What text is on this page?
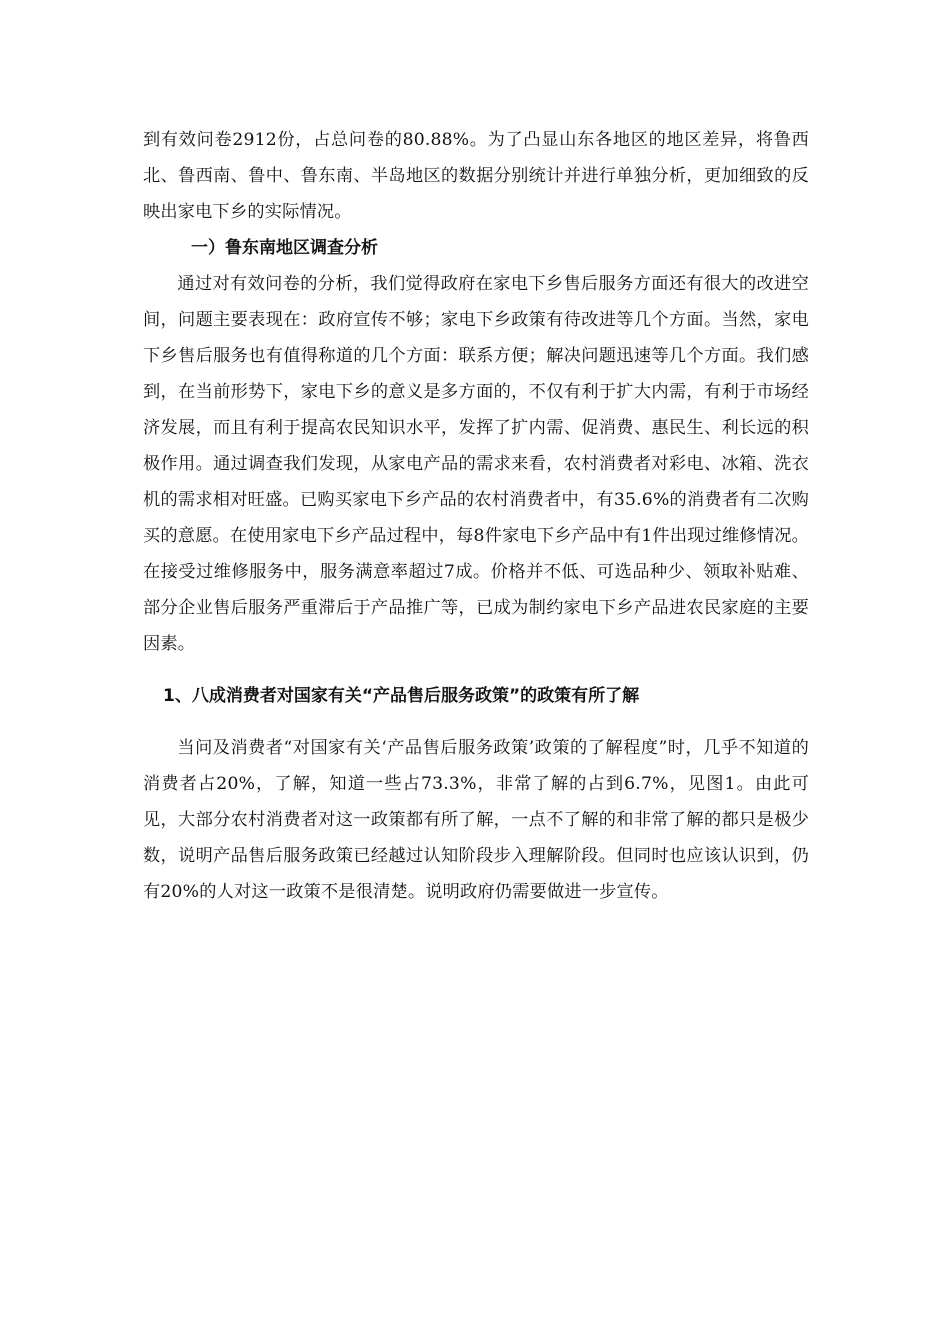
到有效问卷2912份，占总问卷的80.88%。为了凸显山东各地区的地区差异，将鲁西北、鲁西南、鲁中、鲁东南、半岛地区的数据分别统计并进行单独分析，更加细致的反映出家电下乡的实际情况。

一）鲁东南地区调查分析

通过对有效问卷的分析，我们觉得政府在家电下乡售后服务方面还有很大的改进空间，问题主要表现在：政府宣传不够；家电下乡政策有待改进等几个方面。当然，家电下乡售后服务也有值得称道的几个方面：联系方便；解决问题迅速等几个方面。我们感到，在当前形势下，家电下乡的意义是多方面的，不仅有利于扩大内需，有利于市场经济发展，而且有利于提高农民知识水平，发挥了扩内需、促消费、惠民生、利长远的积极作用。通过调查我们发现，从家电产品的需求来看，农村消费者对彩电、冰箱、洗衣机的需求相对旺盛。已购买家电下乡产品的农村消费者中，有35.6%的消费者有二次购买的意愿。在使用家电下乡产品过程中，每8件家电下乡产品中有1件出现过维修情况。在接受过维修服务中，服务满意率超过7成。价格并不低、可选品种少、领取补贴难、部分企业售后服务严重滞后于产品推广等，已成为制约家电下乡产品进农民家庭的主要因素。

1、八成消费者对国家有关“产品售后服务政策”的政策有所了解

当问及消费者“对国家有关‘产品售后服务政策’政策的了解程度”时，几乎不知道的消费者占20%，了解，知道一些占73.3%，非常了解的占到6.7%，见图1。由此可见，大部分农村消费者对这一政策都有所了解，一点不了解的和非常了解的都只是极少数，说明产品售后服务政策已经越过认知阶段步入理解阶段。但同时也应该认识到，仍有20%的人对这一政策不是很清楚。说明政府仍需要做进一步宣传。
